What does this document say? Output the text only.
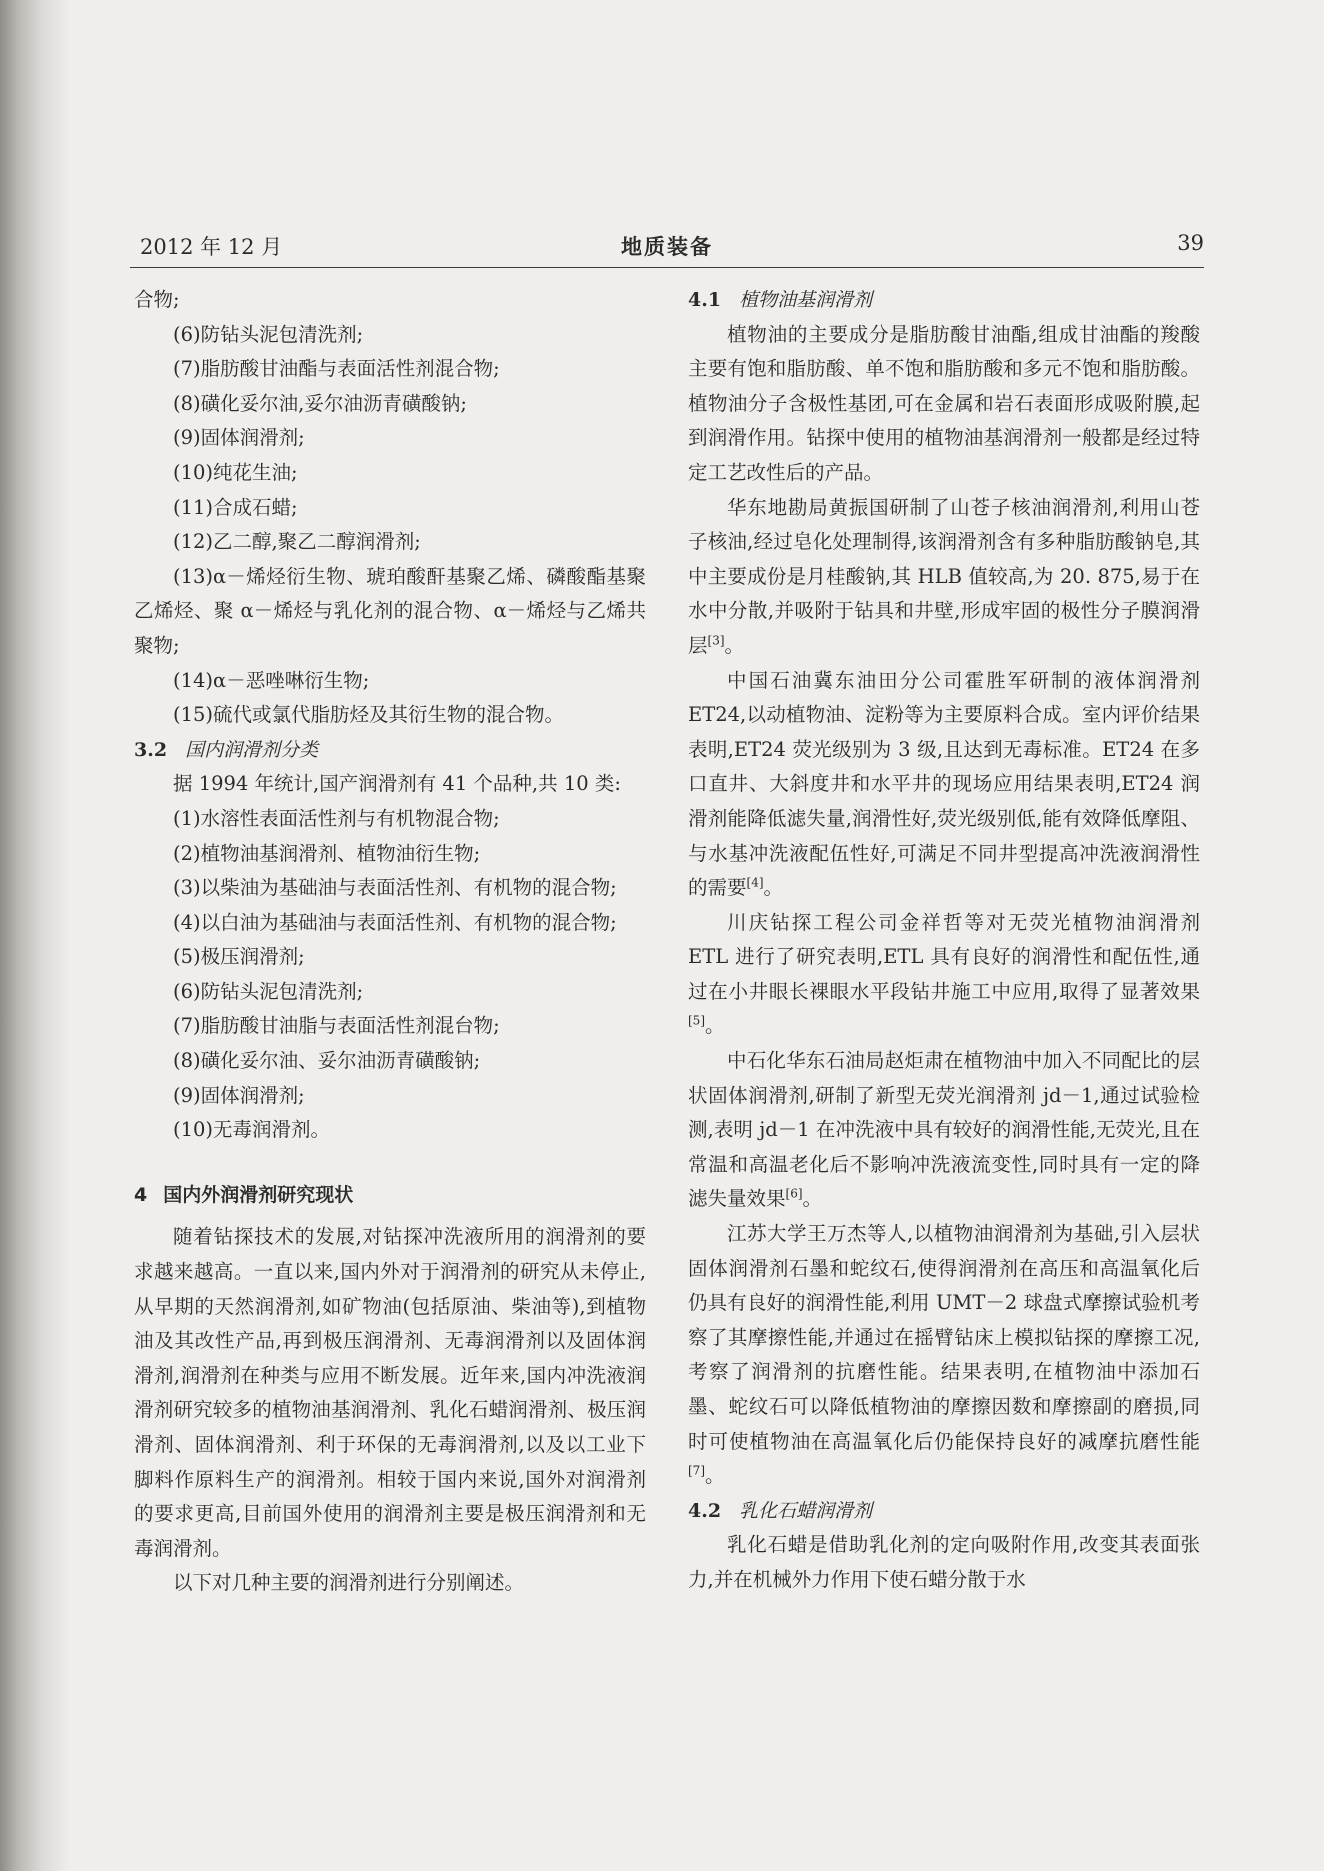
2012 年 12 月	地质装备	39

合物;

(6)防钻头泥包清洗剂;

(7)脂肪酸甘油酯与表面活性剂混合物;

(8)磺化妥尔油,妥尔油沥青磺酸钠;

(9)固体润滑剂;

(10)纯花生油;

(11)合成石蜡;

(12)乙二醇,聚乙二醇润滑剂;

(13)α－烯烃衍生物、琥珀酸酐基聚乙烯、磷酸酯基聚乙烯烃、聚 α－烯烃与乳化剂的混合物、α－烯烃与乙烯共聚物;

(14)α－恶唑啉衍生物;

(15)硫代或氯代脂肪烃及其衍生物的混合物。

3.2 国内润滑剂分类

据 1994 年统计,国产润滑剂有 41 个品种,共 10 类:

(1)水溶性表面活性剂与有机物混合物;

(2)植物油基润滑剂、植物油衍生物;

(3)以柴油为基础油与表面活性剂、有机物的混合物;

(4)以白油为基础油与表面活性剂、有机物的混合物;

(5)极压润滑剂;

(6)防钻头泥包清洗剂;

(7)脂肪酸甘油脂与表面活性剂混台物;

(8)磺化妥尔油、妥尔油沥青磺酸钠;

(9)固体润滑剂;

(10)无毒润滑剂。

4 国内外润滑剂研究现状

随着钻探技术的发展,对钻探冲洗液所用的润滑剂的要求越来越高。一直以来,国内外对于润滑剂的研究从未停止,从早期的天然润滑剂,如矿物油(包括原油、柴油等),到植物油及其改性产品,再到极压润滑剂、无毒润滑剂以及固体润滑剂,润滑剂在种类与应用不断发展。近年来,国内冲洗液润滑剂研究较多的植物油基润滑剂、乳化石蜡润滑剂、极压润滑剂、固体润滑剂、利于环保的无毒润滑剂,以及以工业下脚料作原料生产的润滑剂。相较于国内来说,国外对润滑剂的要求更高,目前国外使用的润滑剂主要是极压润滑剂和无毒润滑剂。

以下对几种主要的润滑剂进行分别阐述。

4.1 植物油基润滑剂

植物油的主要成分是脂肪酸甘油酯,组成甘油酯的羧酸主要有饱和脂肪酸、单不饱和脂肪酸和多元不饱和脂肪酸。植物油分子含极性基团,可在金属和岩石表面形成吸附膜,起到润滑作用。钻探中使用的植物油基润滑剂一般都是经过特定工艺改性后的产品。

华东地勘局黄振国研制了山苍子核油润滑剂,利用山苍子核油,经过皂化处理制得,该润滑剂含有多种脂肪酸钠皂,其中主要成份是月桂酸钠,其 HLB 值较高,为 20. 875,易于在水中分散,并吸附于钻具和井壁,形成牢固的极性分子膜润滑层[3]。

中国石油冀东油田分公司霍胜军研制的液体润滑剂 ET24,以动植物油、淀粉等为主要原料合成。室内评价结果表明,ET24 荧光级别为 3 级,且达到无毒标准。ET24 在多口直井、大斜度井和水平井的现场应用结果表明,ET24 润滑剂能降低滤失量,润滑性好,荧光级别低,能有效降低摩阻、与水基冲洗液配伍性好,可满足不同井型提高冲洗液润滑性的需要[4]。

川庆钻探工程公司金祥哲等对无荧光植物油润滑剂 ETL 进行了研究表明,ETL 具有良好的润滑性和配伍性,通过在小井眼长裸眼水平段钻井施工中应用,取得了显著效果[5]。

中石化华东石油局赵炬肃在植物油中加入不同配比的层状固体润滑剂,研制了新型无荧光润滑剂 jd－1,通过试验检测,表明 jd－1 在冲洗液中具有较好的润滑性能,无荧光,且在常温和高温老化后不影响冲洗液流变性,同时具有一定的降滤失量效果[6]。

江苏大学王万杰等人,以植物油润滑剂为基础,引入层状固体润滑剂石墨和蛇纹石,使得润滑剂在高压和高温氧化后仍具有良好的润滑性能,利用 UMT－2 球盘式摩擦试验机考察了其摩擦性能,并通过在摇臂钻床上模拟钻探的摩擦工况,考察了润滑剂的抗磨性能。结果表明,在植物油中添加石墨、蛇纹石可以降低植物油的摩擦因数和摩擦副的磨损,同时可使植物油在高温氧化后仍能保持良好的减摩抗磨性能[7]。

4.2 乳化石蜡润滑剂

乳化石蜡是借助乳化剂的定向吸附作用,改变其表面张力,并在机械外力作用下使石蜡分散于水
